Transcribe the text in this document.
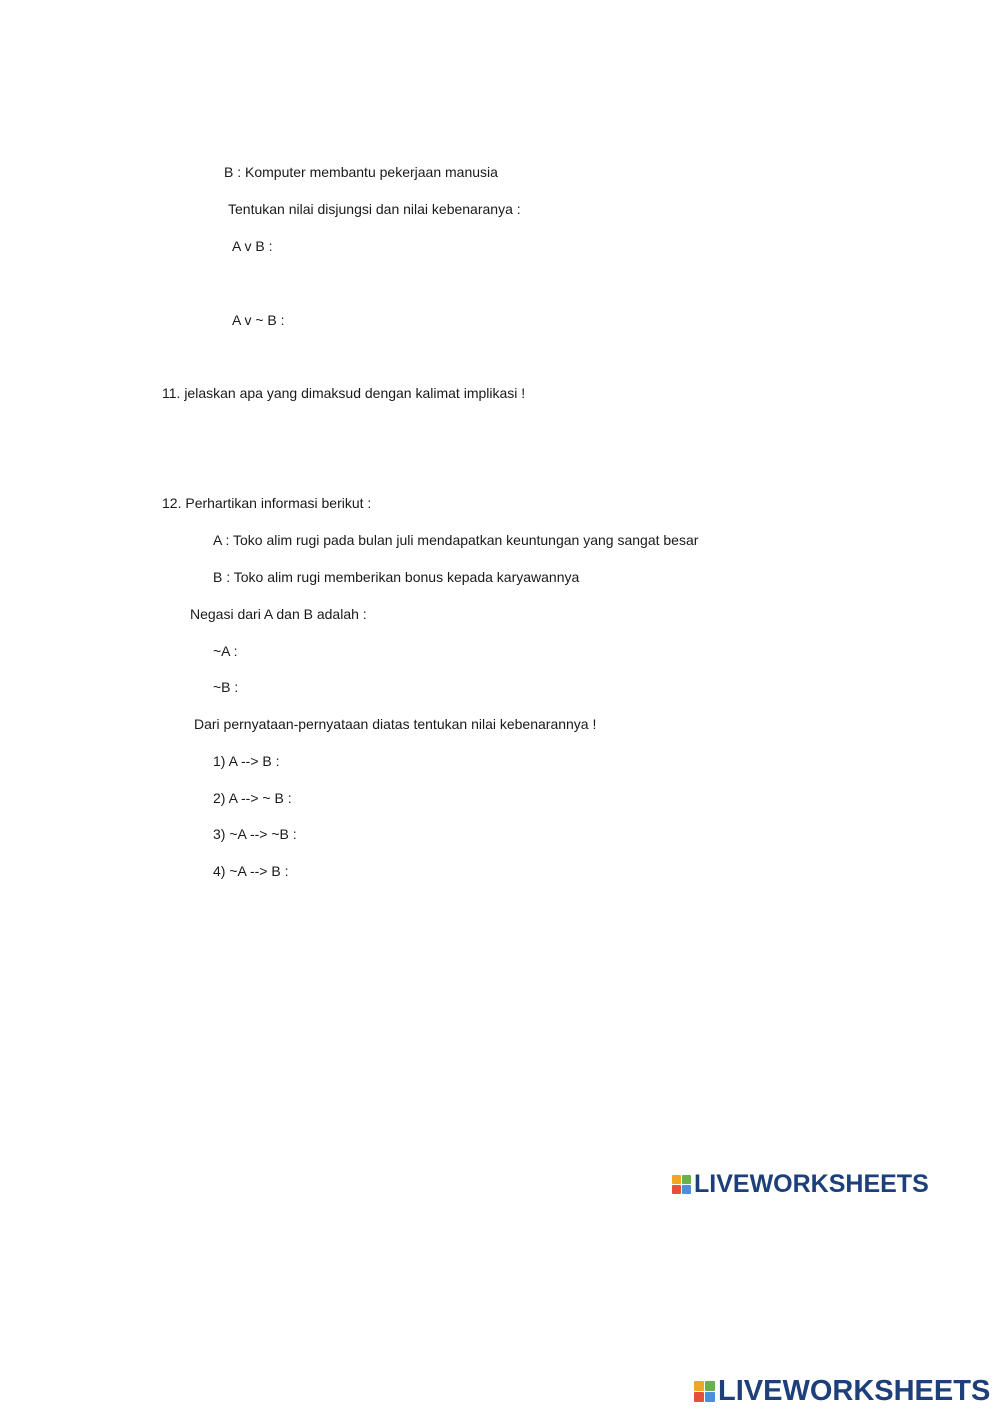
B : Komputer membantu pekerjaan manusia
Tentukan nilai disjungsi dan nilai kebenaranya :
A v B :
A v ~ B :
11. jelaskan apa yang dimaksud dengan kalimat implikasi !
12. Perhartikan informasi berikut :
A : Toko alim rugi pada bulan juli mendapatkan keuntungan yang sangat besar
B : Toko alim rugi memberikan bonus kepada karyawannya
Negasi dari A dan B adalah :
~A :
~B :
Dari pernyataan-pernyataan diatas tentukan nilai kebenarannya !
1) A --> B :
2) A --> ~ B :
3) ~A --> ~B :
4) ~A --> B :
LIVEWORKSHEETS
LIVEWORKSHEETS
